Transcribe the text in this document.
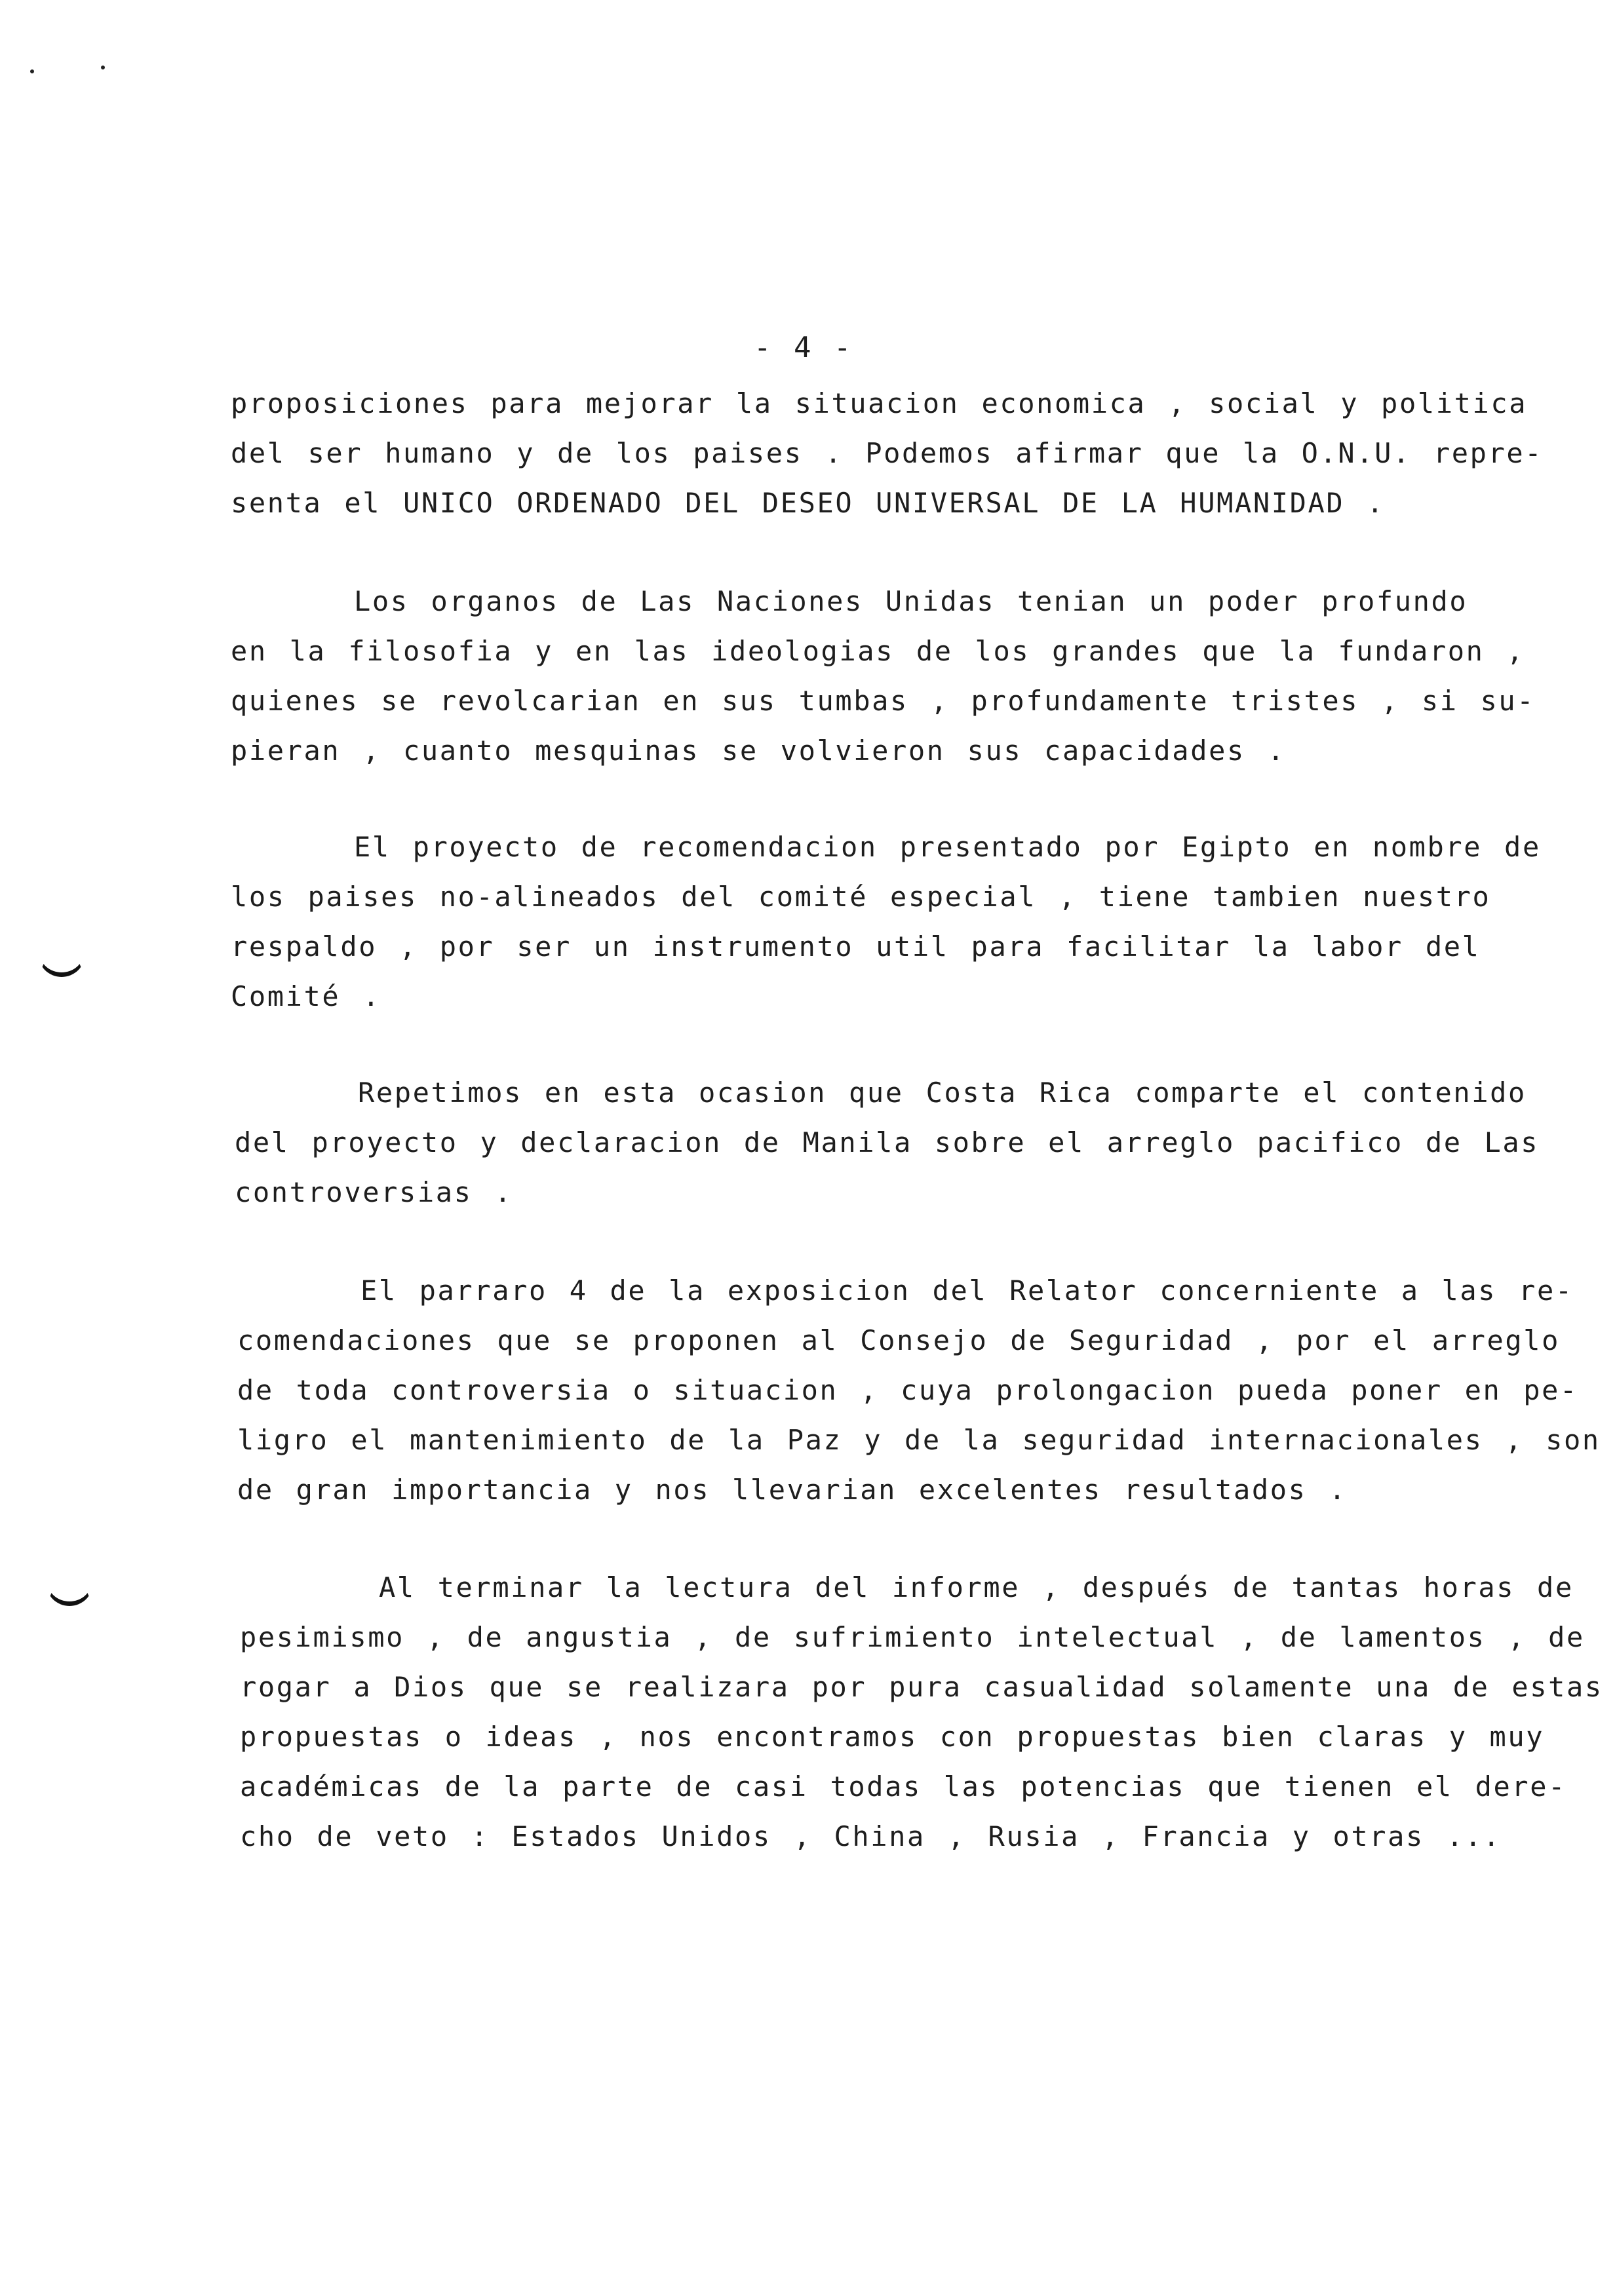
- 4 -
proposiciones para mejorar la situacion economica , social y politica
del ser humano y de los paises . Podemos afirmar que la O.N.U. repre-
senta el UNICO ORDENADO DEL DESEO UNIVERSAL DE LA HUMANIDAD .
Los organos de Las Naciones Unidas tenian un poder profundo
en la filosofia y en las ideologias de los grandes que la fundaron ,
quienes se revolcarian en sus tumbas , profundamente tristes , si su-
pieran , cuanto mesquinas se volvieron sus capacidades .
El proyecto de recomendacion presentado por Egipto en nombre de
los paises no-alineados del comité especial , tiene tambien nuestro
respaldo , por ser un instrumento util para facilitar la labor del
Comité .
Repetimos en esta ocasion que Costa Rica comparte el contenido
del proyecto y declaracion de Manila sobre el arreglo pacifico de Las
controversias .
El parraro 4 de la exposicion del Relator concerniente a las re-
comendaciones que se proponen al Consejo de Seguridad , por el arreglo
de toda controversia o situacion , cuya prolongacion pueda poner en pe-
ligro el mantenimiento de la Paz y de la seguridad internacionales , son
de gran importancia y nos llevarian excelentes resultados .
Al terminar la lectura del informe , después de tantas horas de
pesimismo , de angustia , de sufrimiento intelectual , de lamentos , de
rogar a Dios que se realizara por pura casualidad solamente una de estas
propuestas o ideas , nos encontramos con propuestas bien claras y muy
académicas de la parte de casi todas las potencias que tienen el dere-
cho de veto : Estados Unidos , China , Rusia , Francia y otras ...
